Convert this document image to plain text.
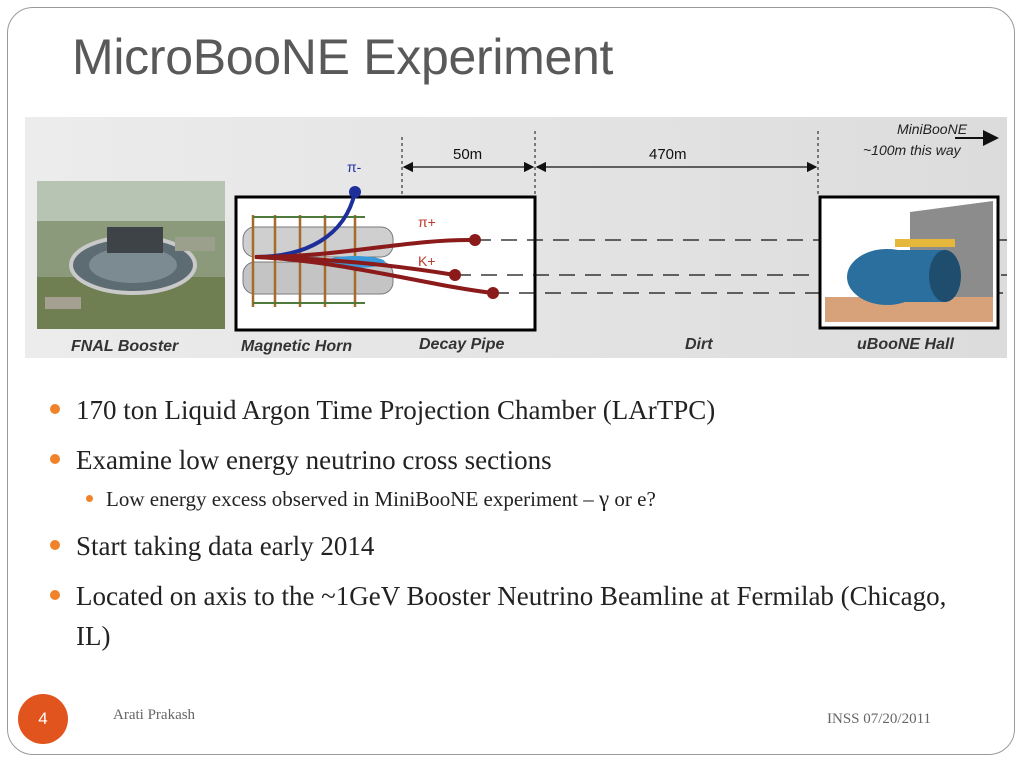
MicroBooNE Experiment
π-
π+
K+
50m	470m
MiniBooNE
~100m this way
FNAL Booster	Magnetic Horn	Decay Pipe	Dirt	uBooNE Hall
170 ton Liquid Argon Time Projection Chamber (LArTPC)
Examine low energy neutrino cross sections
Low energy excess observed in MiniBooNE experiment – γ or e?
Start taking data early 2014
Located on axis to the ~1GeV Booster Neutrino Beamline at Fermilab (Chicago, IL)
4	Arati Prakash	INSS 07/20/2011
